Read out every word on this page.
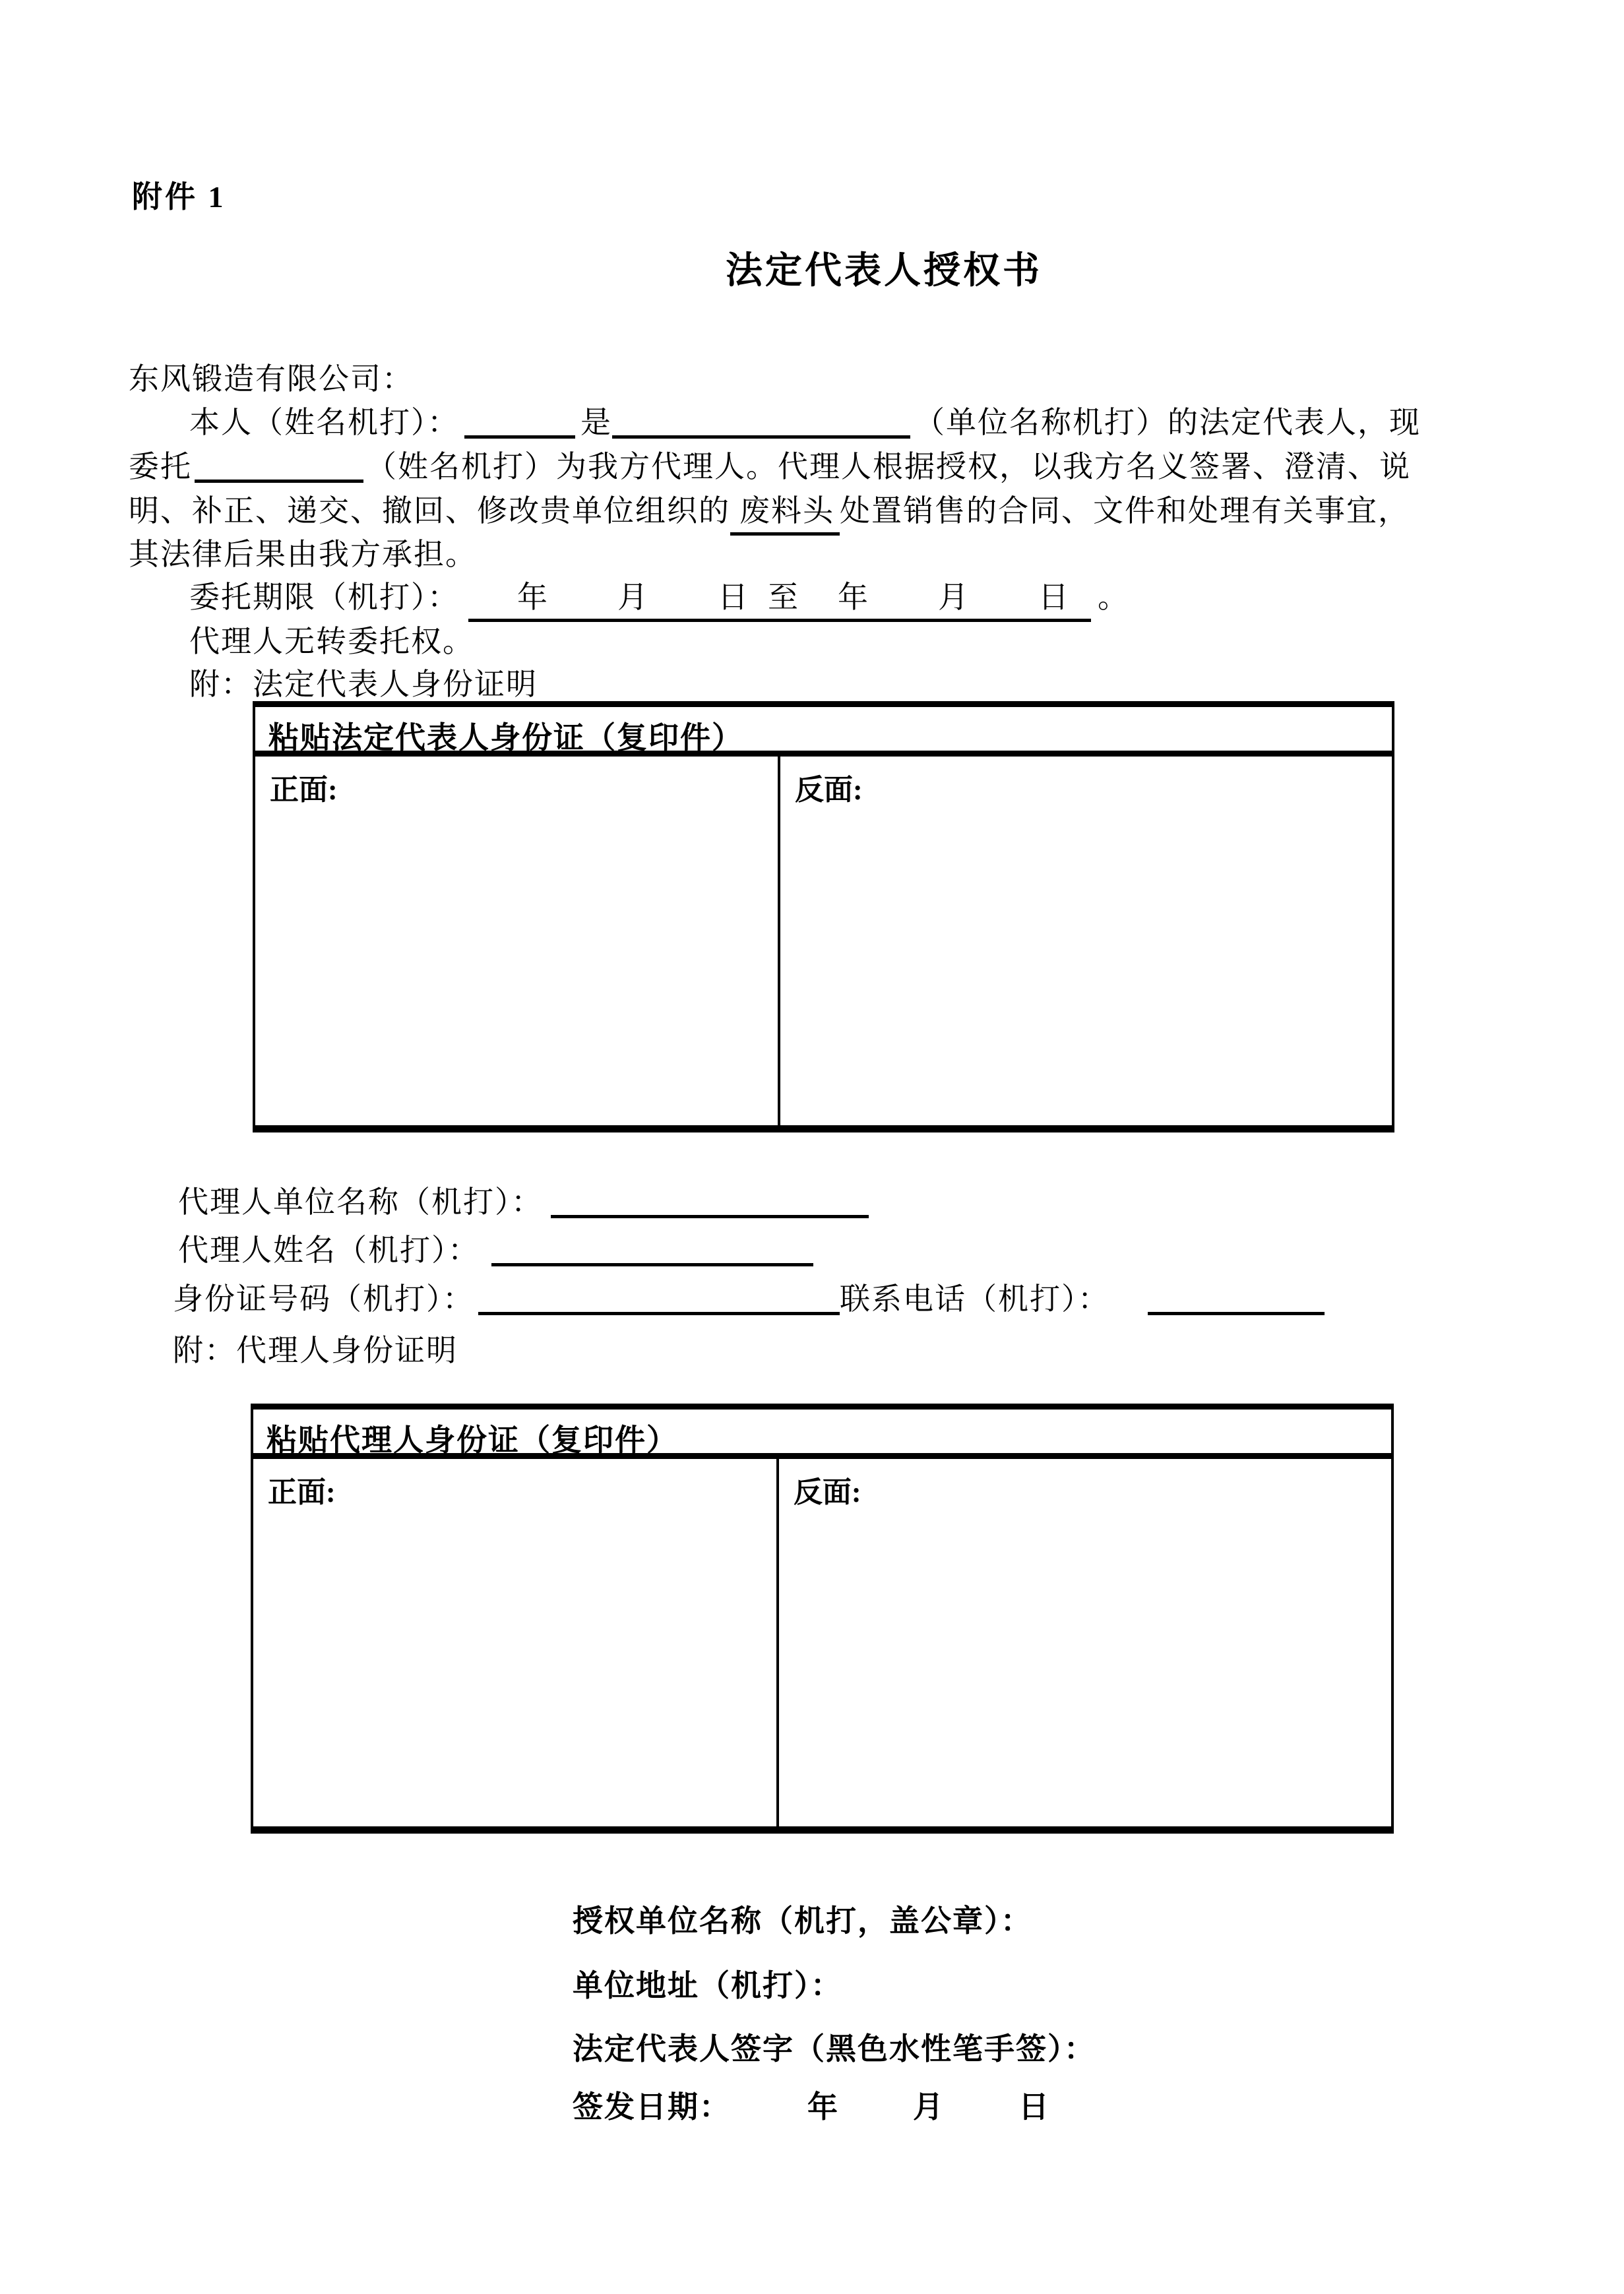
附件 1
法定代表人授权书
东风锻造有限公司：
本人（姓名机打）：	是	（单位名称机打）的法定代表人，现
委托	（姓名机打）为我方代理人。代理人根据授权，以我方名义签署、澄清、说
明、补正、递交、撤回、修改贵单位组织的 废料头 处置销售的合同、文件和处理有关事宜，
其法律后果由我方承担。
委托期限（机打）： 年　月　日至 年　月　日 。
代理人无转委托权。
附：法定代表人身份证明
粘贴法定代表人身份证（复印件）
正面:	反面:
代理人单位名称（机打）：
代理人姓名（机打）：
身份证号码（机打）：	联系电话（机打）：
附：代理人身份证明
粘贴代理人身份证（复印件）
正面:	反面:
授权单位名称（机打，盖公章）：
单位地址（机打）：
法定代表人签字（黑色水性笔手签）：
签发日期：	年　月　日
